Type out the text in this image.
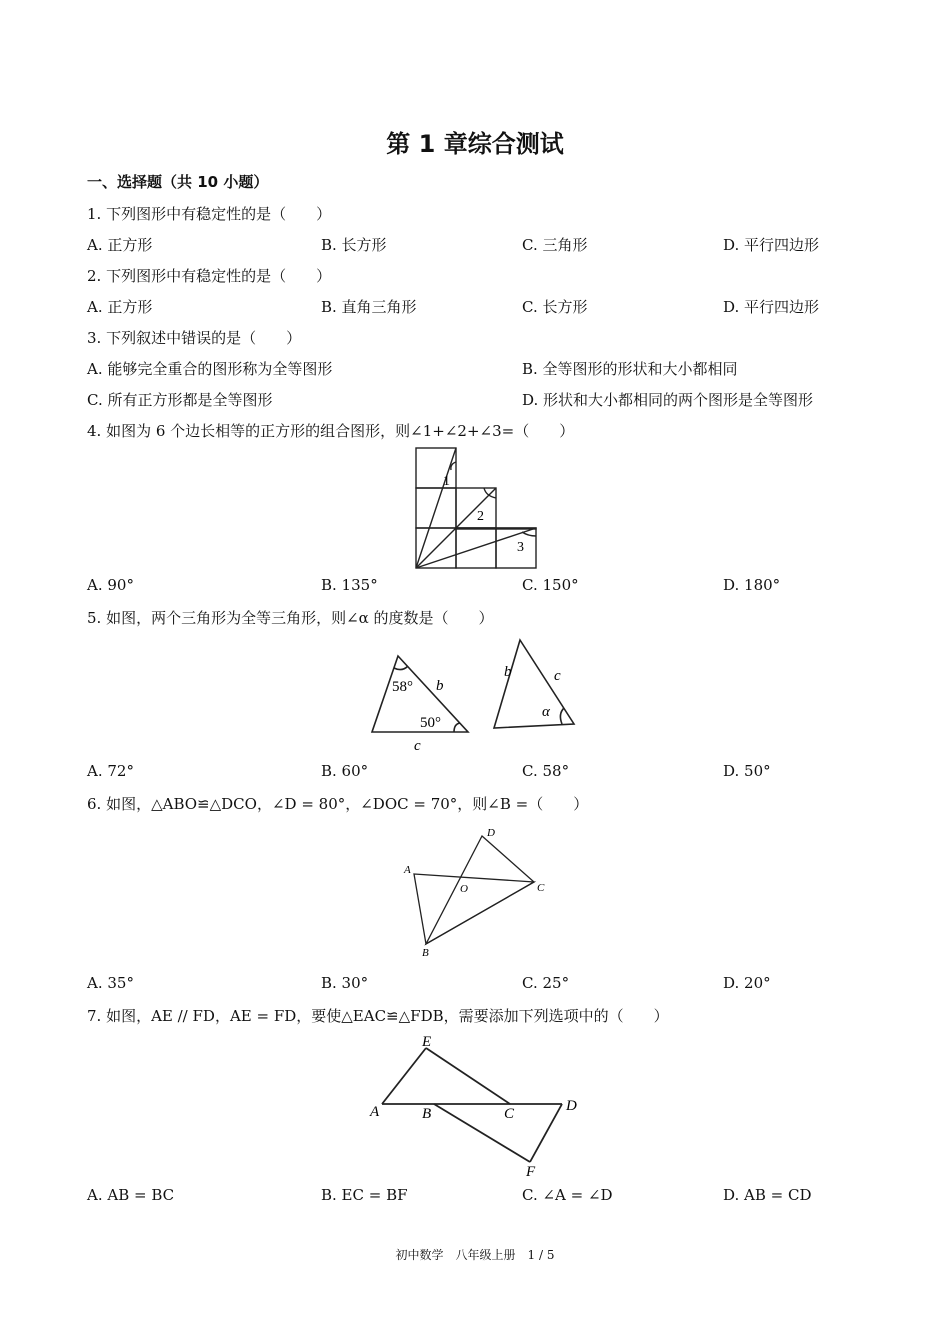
第 1 章综合测试
一、选择题（共 10 小题）
1. 下列图形中有稳定性的是（　　）
A. 正方形	B. 长方形	C. 三角形	D. 平行四边形
2. 下列图形中有稳定性的是（　　）
A. 正方形	B. 直角三角形	C. 长方形	D. 平行四边形
3. 下列叙述中错误的是（　　）
A. 能够完全重合的图形称为全等图形	B. 全等图形的形状和大小都相同
C. 所有正方形都是全等图形	D. 形状和大小都相同的两个图形是全等图形
4. 如图为 6 个边长相等的正方形的组合图形，则∠1+∠2+∠3=（　　）
1
2
3
A. 90°	B. 135°	C. 150°	D. 180°
5. 如图，两个三角形为全等三角形，则∠α 的度数是（　　）
58°
50°
b
c
b	c
α
A. 72°	B. 60°	C. 58°	D. 50°
6. 如图，△ABO≌△DCO，∠D = 80°，∠DOC = 70°，则∠B =（　　）
A
B
C
D
O
A. 35°	B. 30°	C. 25°	D. 20°
7. 如图，AE // FD，AE = FD，要使△EAC≌△FDB，需要添加下列选项中的（　　）
E
A	B	C	D
F
A. AB = BC	B. EC = BF	C. ∠A = ∠D	D. AB = CD
初中数学　八年级上册　1 / 5
